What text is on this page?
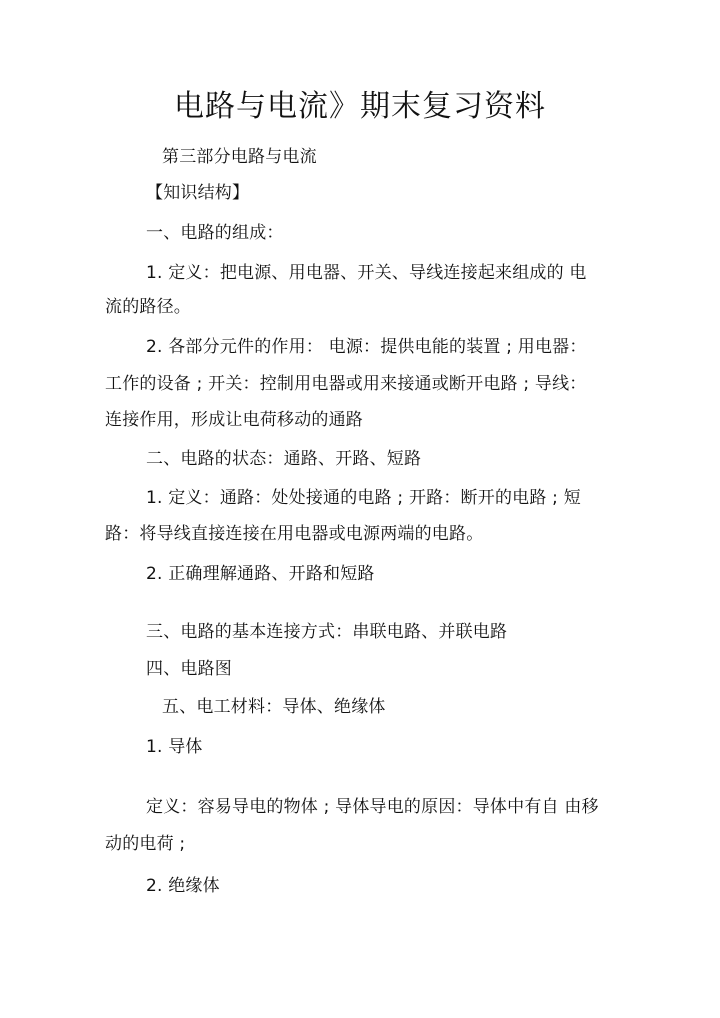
电路与电流》期末复习资料
第三部分电路与电流
【知识结构】
一、电路的组成：
1. 定义：把电源、用电器、开关、导线连接起来组成的 电
流的路径。
2. 各部分元件的作用： 电源：提供电能的装置 ; 用电器：
工作的设备 ; 开关：控制用电器或用来接通或断开电路 ; 导线：
连接作用，形成让电荷移动的通路
二、电路的状态：通路、开路、短路
1. 定义：通路：处处接通的电路 ; 开路：断开的电路 ; 短
路：将导线直接连接在用电器或电源两端的电路。
2. 正确理解通路、开路和短路
三、电路的基本连接方式：串联电路、并联电路
四、电路图
五、电工材料：导体、绝缘体
1. 导体
定义：容易导电的物体 ; 导体导电的原因：导体中有自 由移
动的电荷 ;
2. 绝缘体
